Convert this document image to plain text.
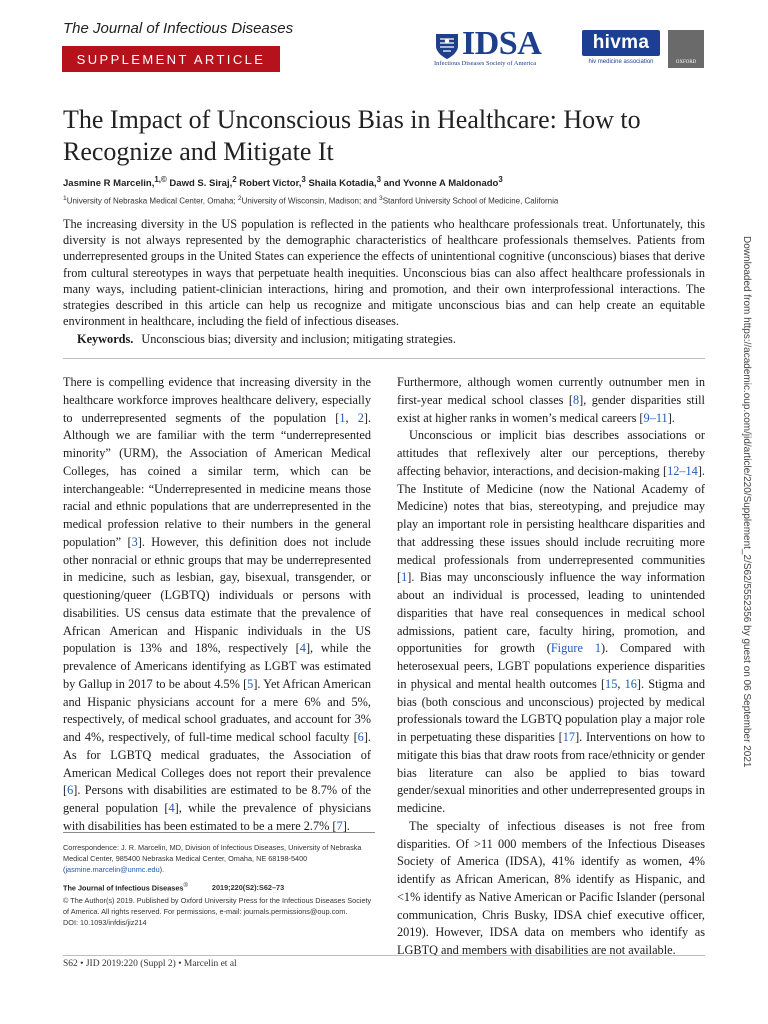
The Journal of Infectious Diseases
SUPPLEMENT ARTICLE	IDSA
Infectious Diseases Society of America
hivma
hiv medicine association	OXFORD
The Impact of Unconscious Bias in Healthcare: How to Recognize and Mitigate It
Jasmine R Marcelin,$^{1,©}$ Dawd S. Siraj,$^2$ Robert Victor,$^3$ Shaila Kotadia,$^3$ and Yvonne A Maldonado$^3$
$^1$University of Nebraska Medical Center, Omaha; $^2$University of Wisconsin, Madison; and $^3$Stanford University School of Medicine, California
The increasing diversity in the US population is reflected in the patients who healthcare professionals treat. Unfortunately, this diversity is not always represented by the demographic characteristics of healthcare professionals themselves. Patients from underrepresented groups in the United States can experience the effects of unintentional cognitive (unconscious) biases that derive from cultural stereotypes in ways that perpetuate health inequities. Unconscious bias can also affect healthcare professionals in many ways, including patient-clinician interactions, hiring and promotion, and their own interprofessional interactions. The strategies described in this article can help us recognize and mitigate unconscious bias and can help create an equitable environment in healthcare, including the field of infectious diseases.
Keywords. Unconscious bias; diversity and inclusion; mitigating strategies.

There is compelling evidence that increasing diversity in the healthcare workforce improves healthcare delivery, especially to underrepresented segments of the population [1, 2]. Although we are familiar with the term “underrepresented minority” (URM), the Association of American Medical Colleges, has coined a similar term, which can be interchangeable: “Underrepresented in medicine means those racial and ethnic populations that are underrepresented in the medical profession relative to their numbers in the general population” [3]. However, this definition does not include other nonracial or ethnic groups that may be underrepresented in medicine, such as lesbian, gay, bisexual, transgender, or questioning/queer (LGBTQ) individuals or persons with disabilities. US census data estimate that the prevalence of African American and Hispanic individuals in the US population is 13% and 18%, respectively [4], while the prevalence of Americans identifying as LGBT was estimated by Gallup in 2017 to be about 4.5% [5]. Yet African American and Hispanic physicians account for a mere 6% and 5%, respectively, of medical school graduates, and account for 3% and 4%, respectively, of full-time medical school faculty [6]. As for LGBTQ medical graduates, the Association of American Medical Colleges does not report their prevalence [6]. Persons with disabilities are estimated to be 8.7% of the general population [4], while the prevalence of physicians with disabilities has been estimated to be a mere 2.7% [7].

Furthermore, although women currently outnumber men in first-year medical school classes [8], gender disparities still exist at higher ranks in women’s medical careers [9–11].

Unconscious or implicit bias describes associations or attitudes that reflexively alter our perceptions, thereby affecting behavior, interactions, and decision-making [12–14]. The Institute of Medicine (now the National Academy of Medicine) notes that bias, stereotyping, and prejudice may play an important role in persisting healthcare disparities and that addressing these issues should include recruiting more medical professionals from underrepresented communities [1]. Bias may unconsciously influence the way information about an individual is processed, leading to unintended disparities that have real consequences in medical school admissions, patient care, faculty hiring, promotion, and opportunities for growth (Figure 1). Compared with heterosexual peers, LGBT populations experience disparities in physical and mental health outcomes [15, 16]. Stigma and bias (both conscious and unconscious) projected by medical professionals toward the LGBTQ population play a major role in perpetuating these disparities [17]. Interventions on how to mitigate this bias that draw roots from race/ethnicity or gender bias literature can also be applied to bias toward gender/sexual minorities and other underrepresented groups in medicine.

The specialty of infectious diseases is not free from disparities. Of >11 000 members of the Infectious Diseases Society of America (IDSA), 41% identify as women, 4% identify as African American, 8% identify as Hispanic, and <1% identify as Native American or Pacific Islander (personal communication, Chris Busky, IDSA chief executive officer, 2019). However, IDSA data on members who identify as LGBTQ and members with disabilities are not available.

Correspondence: J. R. Marcelin, MD, Division of Infectious Diseases, University of Nebraska Medical Center, 985400 Nebraska Medical Center, Omaha, NE 68198-5400 (jasmine.marcelin@unmc.edu).

The Journal of Infectious Diseases®	2019;220(S2):S62–73

© The Author(s) 2019. Published by Oxford University Press for the Infectious Diseases Society of America. All rights reserved. For permissions, e-mail: journals.permissions@oup.com.

DOI: 10.1093/infdis/jiz214

S62 • JID 2019:220 (Suppl 2) • Marcelin et al
Downloaded from https://academic.oup.com/jid/article/220/Supplement_2/S62/5552356 by guest on 06 September 2021
